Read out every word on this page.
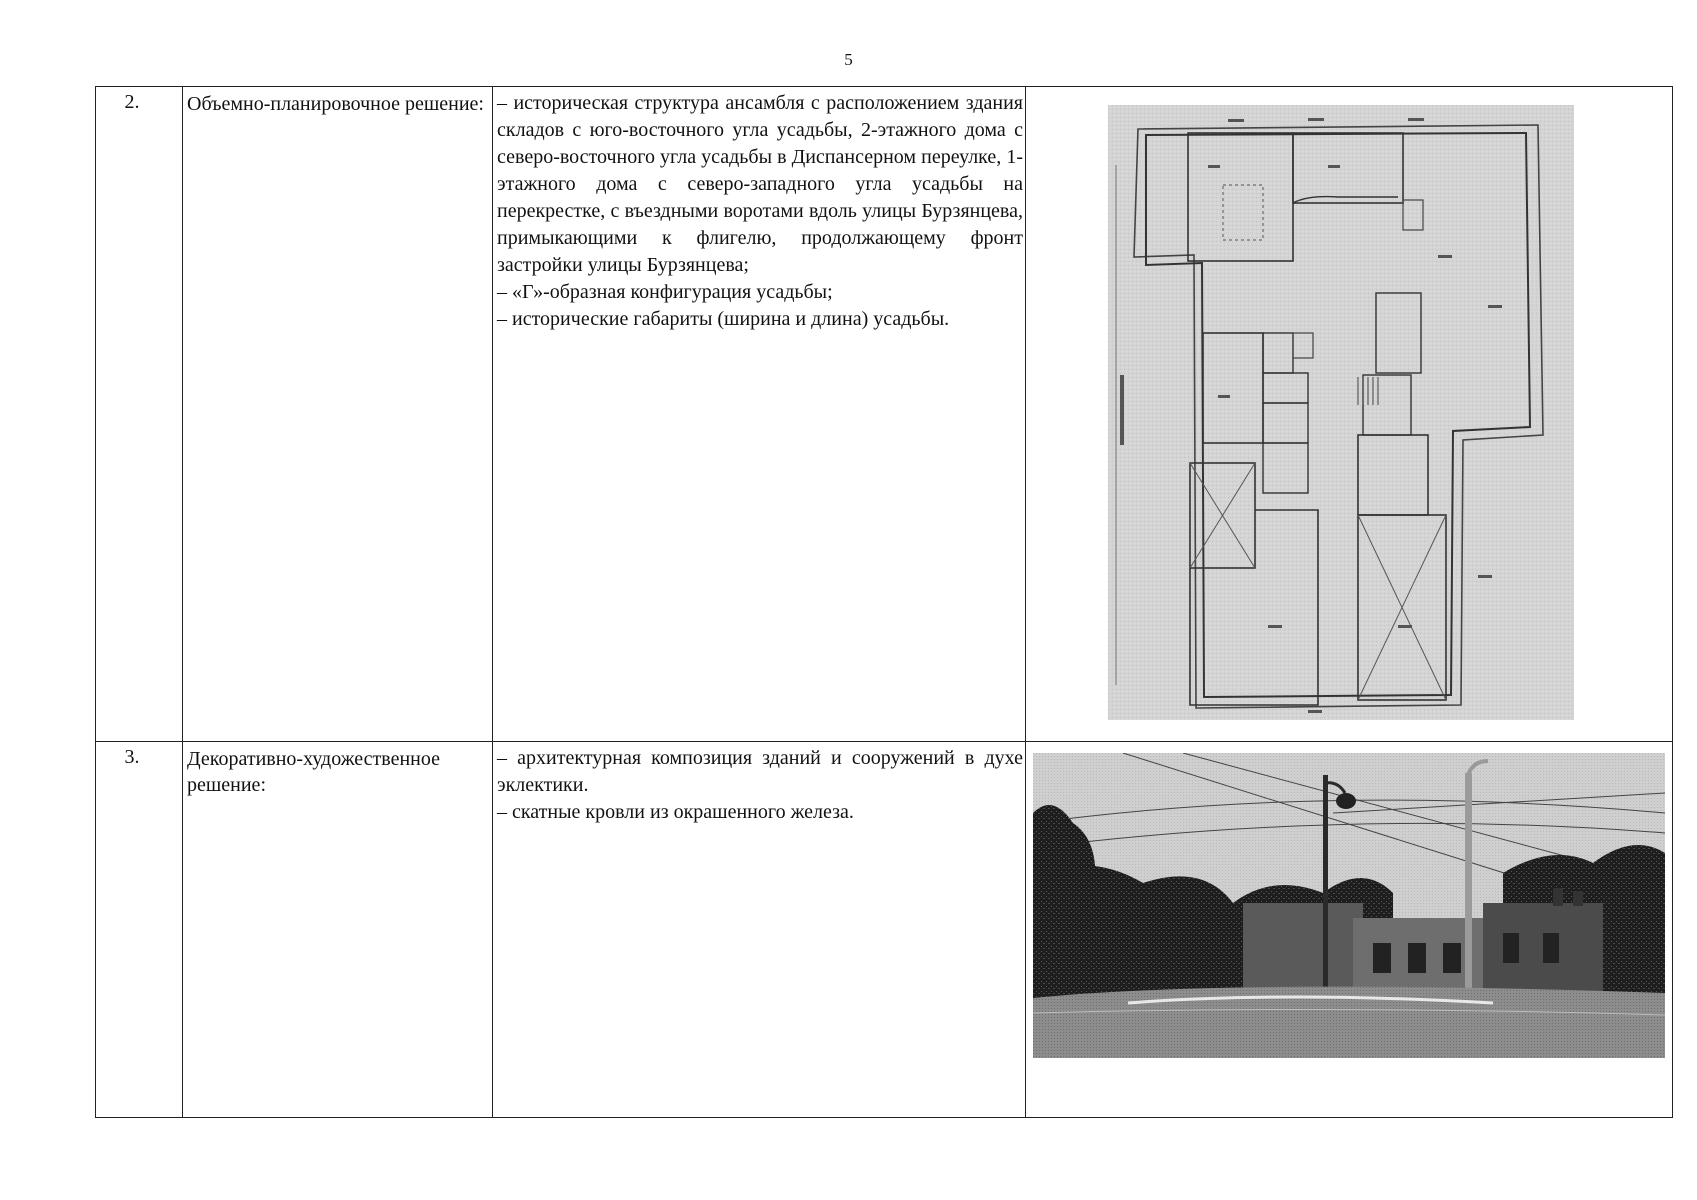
5
2.	Объемно-планировочное решение: – историческая структура ансамбля с расположением здания складов с юго-восточного угла усадьбы, 2-этажного дома с северо-восточного угла усадьбы в Диспансерном переулке, 1-этажного дома с северо-западного угла усадьбы на перекрестке, с въездными воротами вдоль улицы Бурзянцева, примыкающими к флигелю, продолжающему фронт застройки улицы Бурзянцева;

– «Г»-образная конфигурация усадьбы;

– исторические габариты (ширина и длина) усадьбы.

3.	Декоративно-художественное решение:

– архитектурная композиция зданий и сооружений в духе эклектики.

– скатные кровли из окрашенного железа.
